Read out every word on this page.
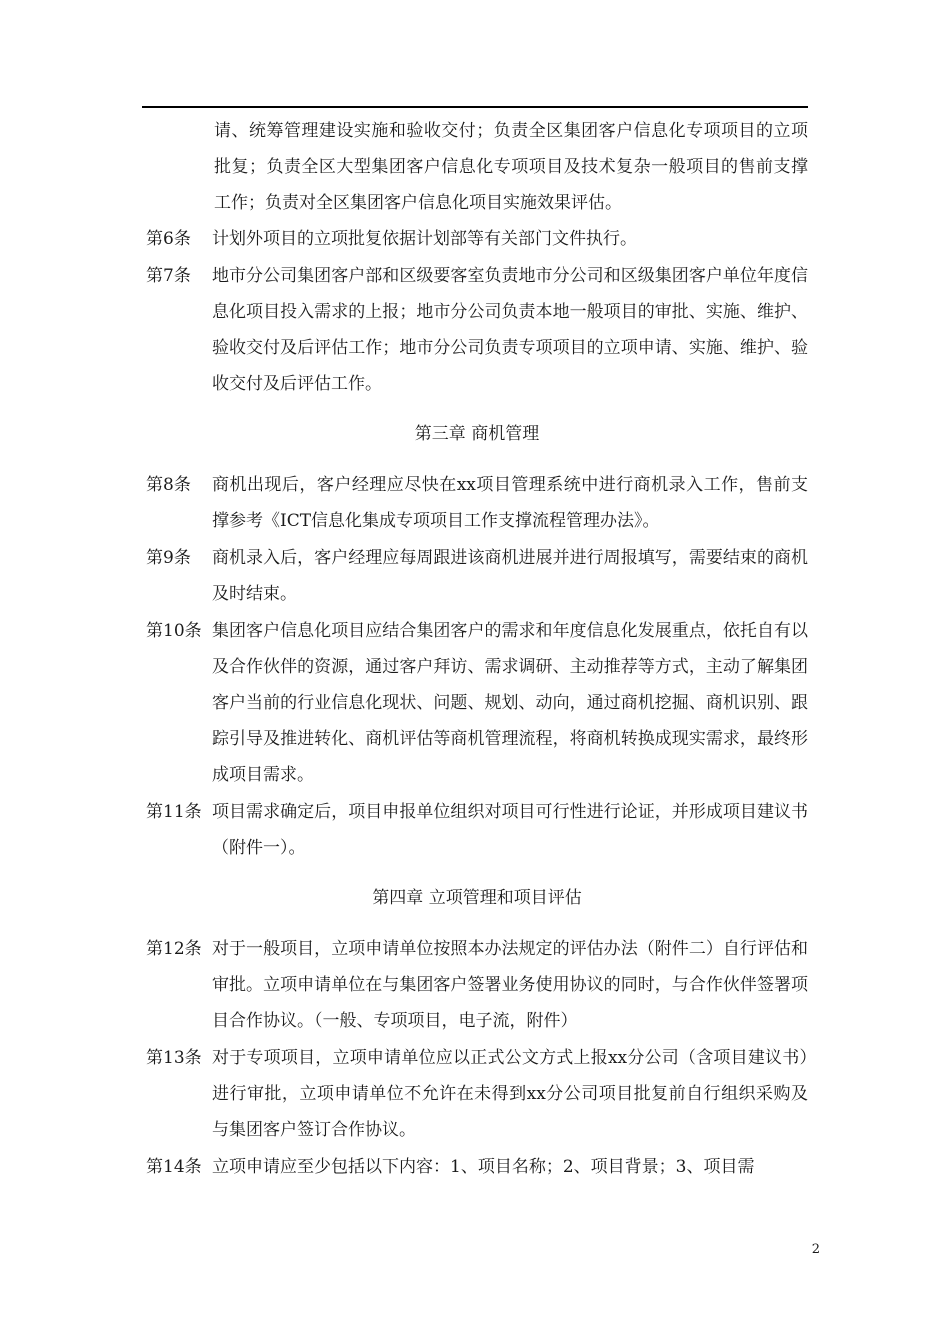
请、统筹管理建设实施和验收交付；负责全区集团客户信息化专项项目的立项批复；负责全区大型集团客户信息化专项项目及技术复杂一般项目的售前支撑工作；负责对全区集团客户信息化项目实施效果评估。
第6条	计划外项目的立项批复依据计划部等有关部门文件执行。
第7条	地市分公司集团客户部和区级要客室负责地市分公司和区级集团客户单位年度信息化项目投入需求的上报；地市分公司负责本地一般项目的审批、实施、维护、验收交付及后评估工作；地市分公司负责专项项目的立项申请、实施、维护、验收交付及后评估工作。
第三章 商机管理
第8条	商机出现后，客户经理应尽快在xx项目管理系统中进行商机录入工作，售前支撑参考《ICT信息化集成专项项目工作支撑流程管理办法》。
第9条	商机录入后，客户经理应每周跟进该商机进展并进行周报填写，需要结束的商机及时结束。
第10条 集团客户信息化项目应结合集团客户的需求和年度信息化发展重点，依托自有以及合作伙伴的资源，通过客户拜访、需求调研、主动推荐等方式，主动了解集团客户当前的行业信息化现状、问题、规划、动向，通过商机挖掘、商机识别、跟踪引导及推进转化、商机评估等商机管理流程，将商机转换成现实需求，最终形成项目需求。
第11条 项目需求确定后，项目申报单位组织对项目可行性进行论证，并形成项目建议书（附件一）。
第四章 立项管理和项目评估
第12条 对于一般项目，立项申请单位按照本办法规定的评估办法（附件二）自行评估和审批。立项申请单位在与集团客户签署业务使用协议的同时，与合作伙伴签署项目合作协议。（一般、专项项目，电子流，附件）
第13条 对于专项项目，立项申请单位应以正式公文方式上报xx分公司（含项目建议书）进行审批，立项申请单位不允许在未得到xx分公司项目批复前自行组织采购及与集团客户签订合作协议。
第14条 立项申请应至少包括以下内容：1、项目名称；2、项目背景；3、项目需
2
